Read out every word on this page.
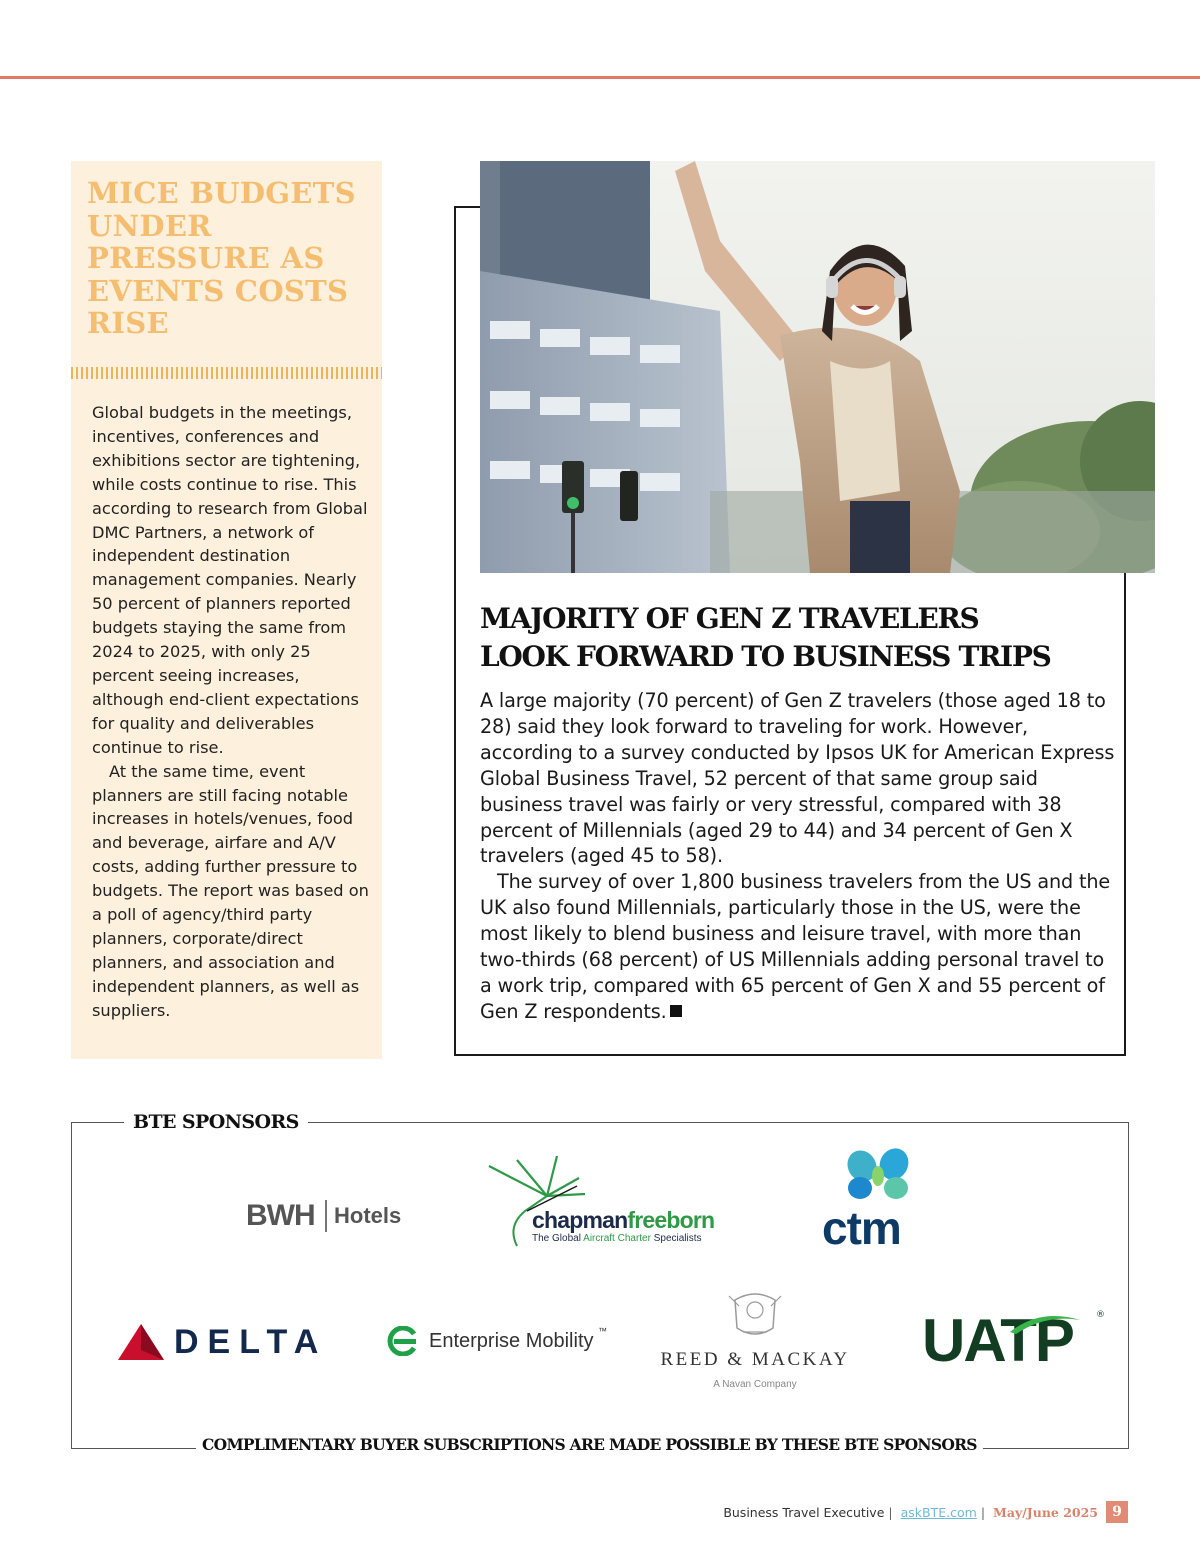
MICE BUDGETS UNDER PRESSURE AS EVENTS COSTS RISE

Global budgets in the meetings, incentives, conferences and exhibitions sector are tightening, while costs continue to rise. This according to research from Global DMC Partners, a network of independent destination management companies. Nearly 50 percent of planners reported budgets staying the same from 2024 to 2025, with only 25 percent seeing increases, although end-client expectations for quality and deliverables continue to rise.

At the same time, event planners are still facing notable increases in hotels/venues, food and beverage, airfare and A/V costs, adding further pressure to budgets. The report was based on a poll of agency/third party planners, corporate/direct planners, and association and independent planners, as well as suppliers.

MAJORITY OF GEN Z TRAVELERS
LOOK FORWARD TO BUSINESS TRIPS

A large majority (70 percent) of Gen Z travelers (those aged 18 to 28) said they look forward to traveling for work. However, according to a survey conducted by Ipsos UK for American Express Global Business Travel, 52 percent of that same group said business travel was fairly or very stressful, compared with 38 percent of Millennials (aged 29 to 44) and 34 percent of Gen X travelers (aged 45 to 58).

The survey of over 1,800 business travelers from the US and the UK also found Millennials, particularly those in the US, were the most likely to blend business and leisure travel, with more than two-thirds (68 percent) of US Millennials adding personal travel to a work trip, compared with 65 percent of Gen X and 55 percent of Gen Z respondents.

BTE SPONSORS
BWH Hotels	chapmanfreeborn
The Global Aircraft Charter Specialists	ctm
DELTA	Enterprise Mobility ™
REED & MACKAY
A Navan Company
UATP	®
COMPLIMENTARY BUYER SUBSCRIPTIONS ARE MADE POSSIBLE BY THESE BTE SPONSORS
Business Travel Executive | askBTE.com | May/June 2025	9
